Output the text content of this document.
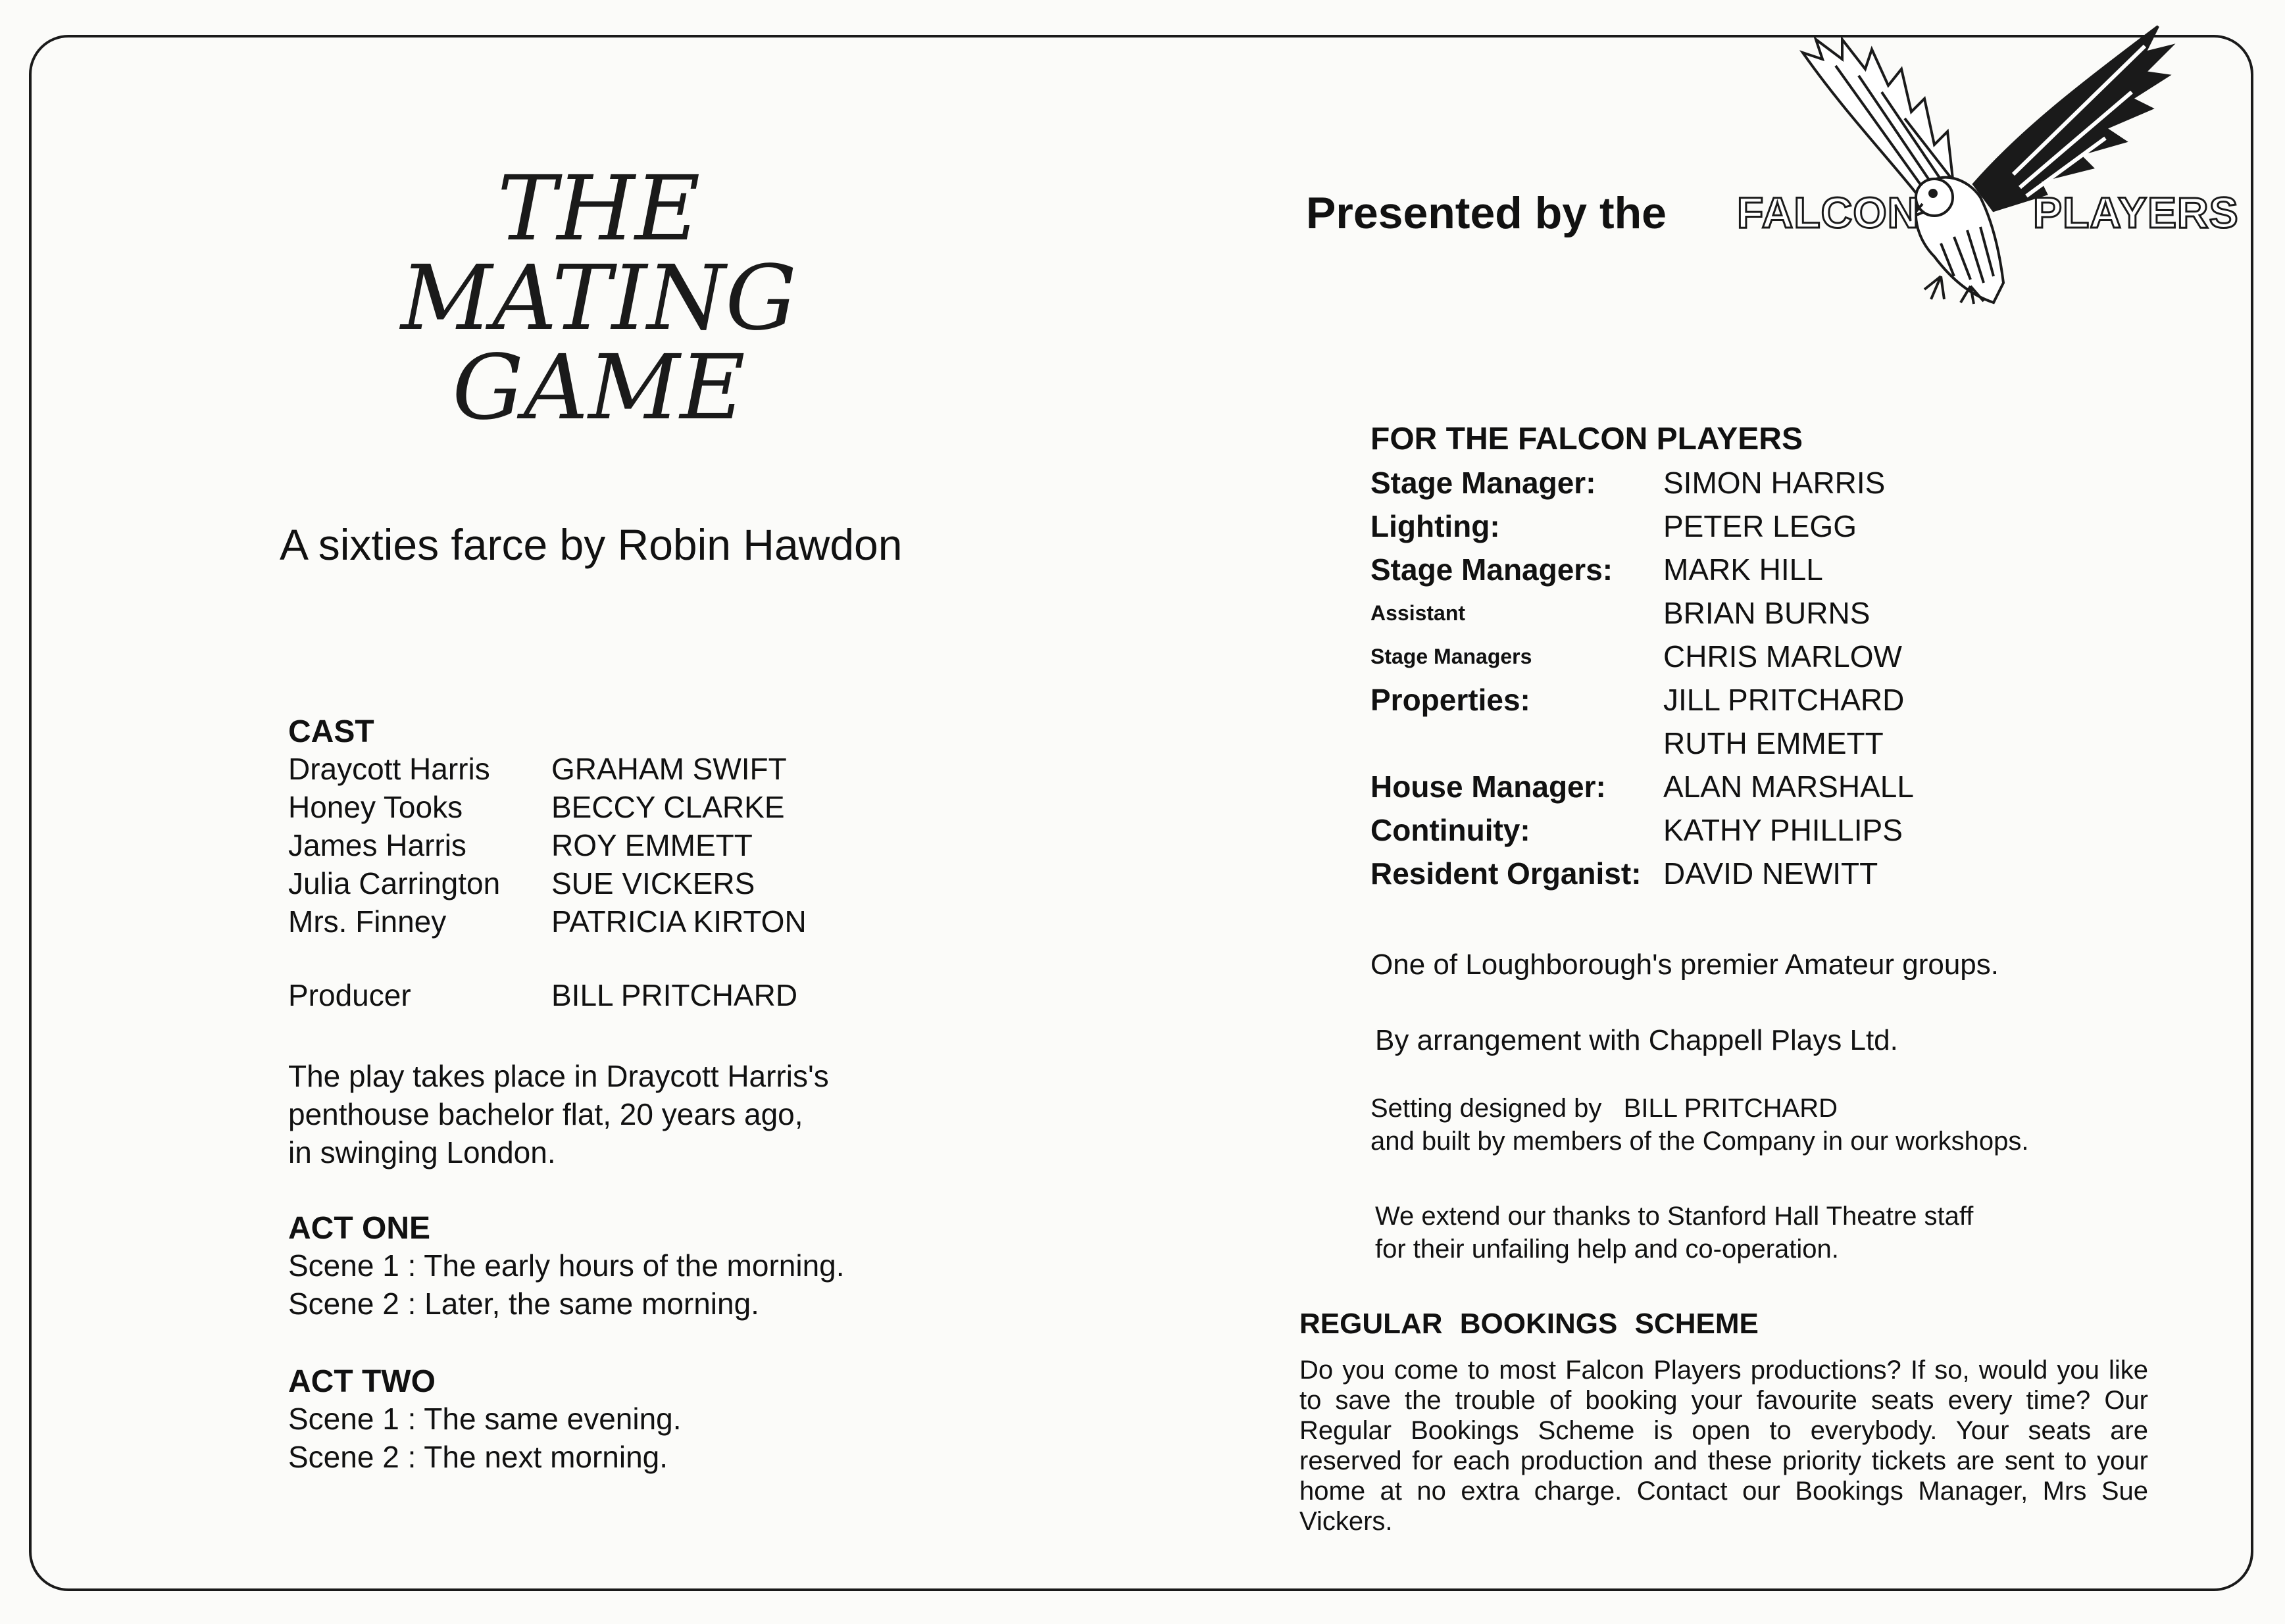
THE
MATING
GAME
A sixties farce by Robin Hawdon
CAST
Draycott Harris	GRAHAM SWIFT
Honey Tooks	BECCY CLARKE
James Harris	ROY EMMETT
Julia Carrington	SUE VICKERS
Mrs. Finney	PATRICIA KIRTON
Producer	BILL PRITCHARD
The play takes place in Draycott Harris's
penthouse bachelor flat, 20 years ago,
in swinging London.
ACT ONE
Scene 1 : The early hours of the morning.
Scene 2 : Later, the same morning.
ACT TWO
Scene 1 : The same evening.
Scene 2 : The next morning.
Presented by the FALCON	PLAYERS
FOR THE FALCON PLAYERS
Stage Manager:	SIMON HARRIS
Lighting:	PETER LEGG
Stage Managers:	MARK HILL
Assistant	BRIAN BURNS
Stage Managers	CHRIS MARLOW
Properties:	JILL PRITCHARD
RUTH EMMETT
House Manager:	ALAN MARSHALL
Continuity:	KATHY PHILLIPS
Resident Organist: DAVID NEWITT
One of Loughborough's premier Amateur groups.
By arrangement with Chappell Plays Ltd.
Setting designed by BILL PRITCHARD
and built by members of the Company in our workshops.
We extend our thanks to Stanford Hall Theatre staff
for their unfailing help and co-operation.
REGULAR BOOKINGS SCHEME
Do you come to most Falcon Players productions? If so, would you like to save the trouble of booking your favourite seats every time? Our Regular Bookings Scheme is open to everybody. Your seats are reserved for each production and these priority tickets are sent to your home at no extra charge. Contact our Bookings Manager, Mrs Sue Vickers.
